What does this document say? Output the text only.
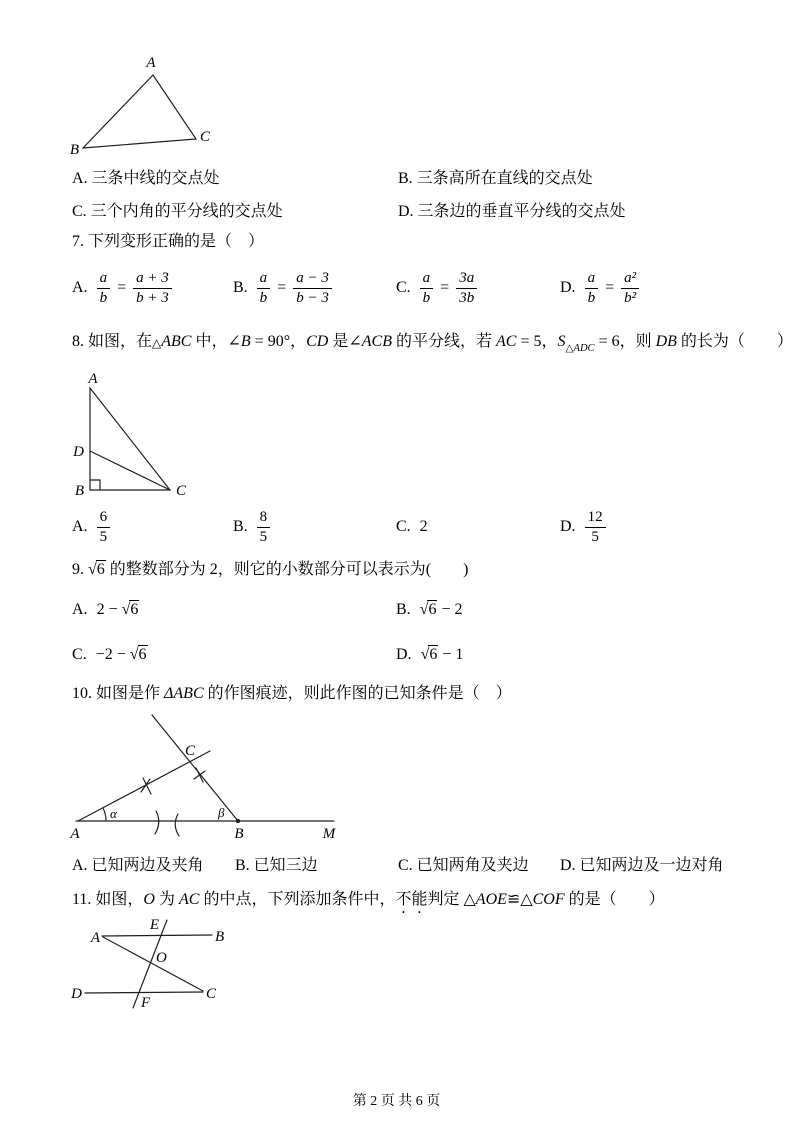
A
B
C
A. 三条中线的交点处	B. 三条高所在直线的交点处
C. 三个内角的平分线的交点处	D. 三条边的垂直平分线的交点处
7. 下列变形正确的是（　）
A. $\frac{a}{b} = \frac{a + 3}{b + 3}$	B. $\frac{a}{b} = \frac{a - 3}{b - 3}$	C. $\frac{a}{b} = \frac{3a}{3b}$	D. $\frac{a}{b} = \frac{\text{a²}}{\text{b²}}$
8. 如图，在△ABC 中，∠B = 90°，CD 是∠ACB 的平分线，若 AC = 5，$S_{\triangle ADC} = 6$，则 DB 的长为（　　）
A
D
B	C
A. $\frac{6}{5}$	B. $\frac{8}{5}$	C. 2	D. $\frac{12}{5}$
9. √6 的整数部分为 2，则它的小数部分可以表示为(　　)
A. 2 − √6	B. √6 − 2
C. −2 − √6	D. √6 − 1
10. 如图是作 ΔABC 的作图痕迹，则此作图的已知条件是（　）
A	B	M
C
α	β
A. 已知两边及夹角 B. 已知三边	C. 已知两角及夹边 D. 已知两边及一边对角
11. 如图，O 为 AC 的中点，下列添加条件中，不能判定 △AOE≌△COF 的是（　　）
A	B
E
O
D
F
C
第 2 页 共 6 页
